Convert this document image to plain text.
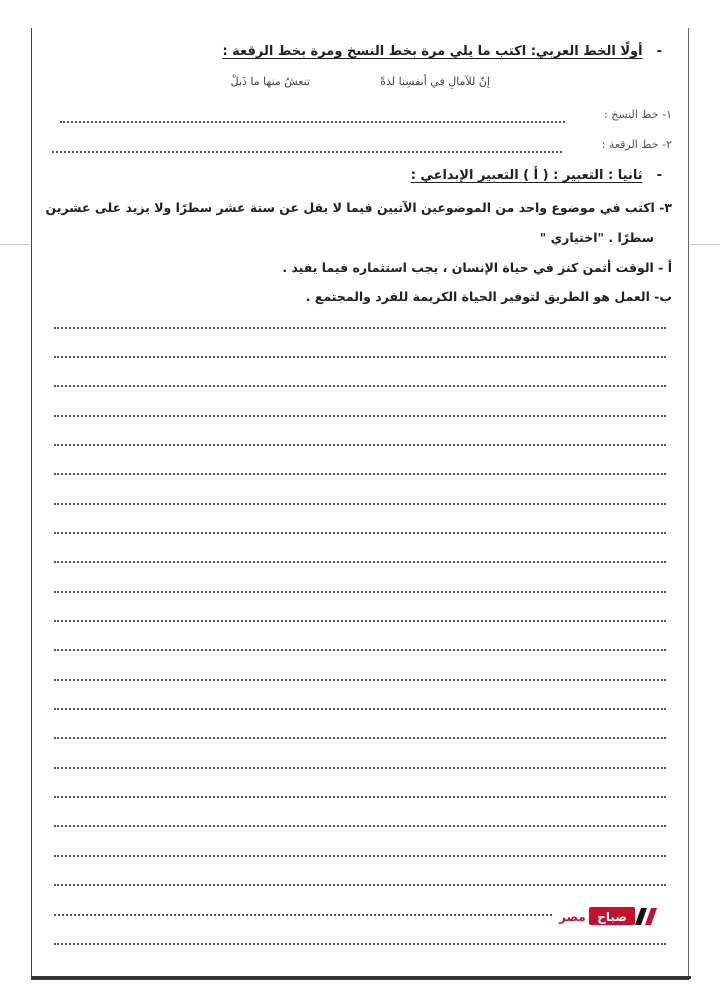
-أولًا الخط العربي: اكتب ما يلي مرة بخط النسخ ومرة بخط الرقعة :
إنّ للآمالِ في أنفسِنا لذةً
تنعشُ منها ما ذَبلْ
١- خط النسخ :
٢- خط الرقعة :
-ثانيا : التعبير : ( أ ) التعبير الإبداعي :
٣- اكتب في موضوع واحد من الموضوعين الآتيين فيما لا يقل عن ستة عشر سطرًا ولا يزيد على عشرين
سطرًا . "اختياري "
أ - الوقت أثمن كنز في حياة الإنسان ، يجب استثماره فيما يفيد .
ب- العمل هو الطريق لتوفير الحياة الكريمة للفرد والمجتمع .
مصر صباح
